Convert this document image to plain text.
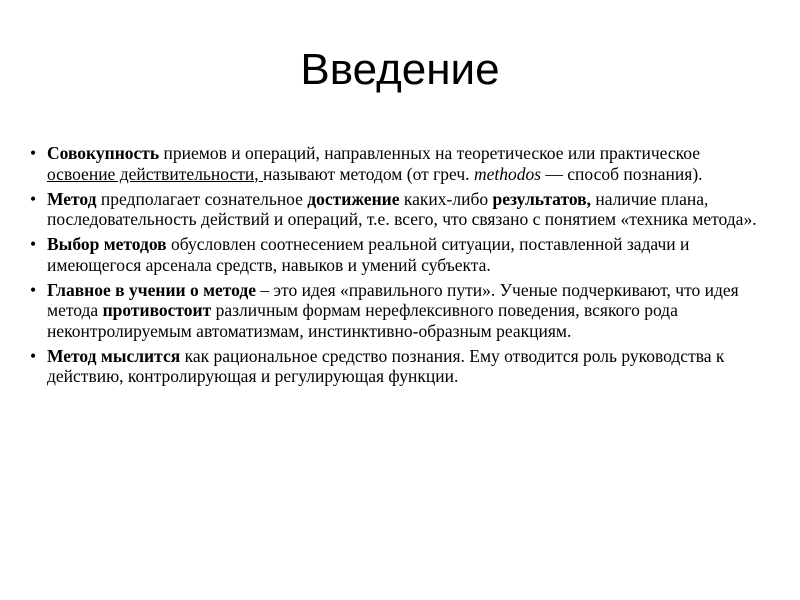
Введение
• Совокупность приемов и операций, направленных на теоретическое или практическое освоение действительности, называют методом (от греч. methodos — способ познания).
• Метод предполагает сознательное достижение каких-либо результатов, наличие плана, последовательность действий и операций, т.е. всего, что связано с понятием «техника метода».
• Выбор методов обусловлен соотнесением реальной ситуации, поставленной задачи и имеющегося арсенала средств, навыков и умений субъекта.
• Главное в учении о методе – это идея «правильного пути». Ученые подчеркивают, что идея метода противостоит различным формам нерефлексивного поведения, всякого рода неконтролируемым автоматизмам, инстинктивно-образным реакциям.
• Метод мыслится как рациональное средство познания. Ему отводится роль руководства к действию, контролирующая и регулирующая функции.
